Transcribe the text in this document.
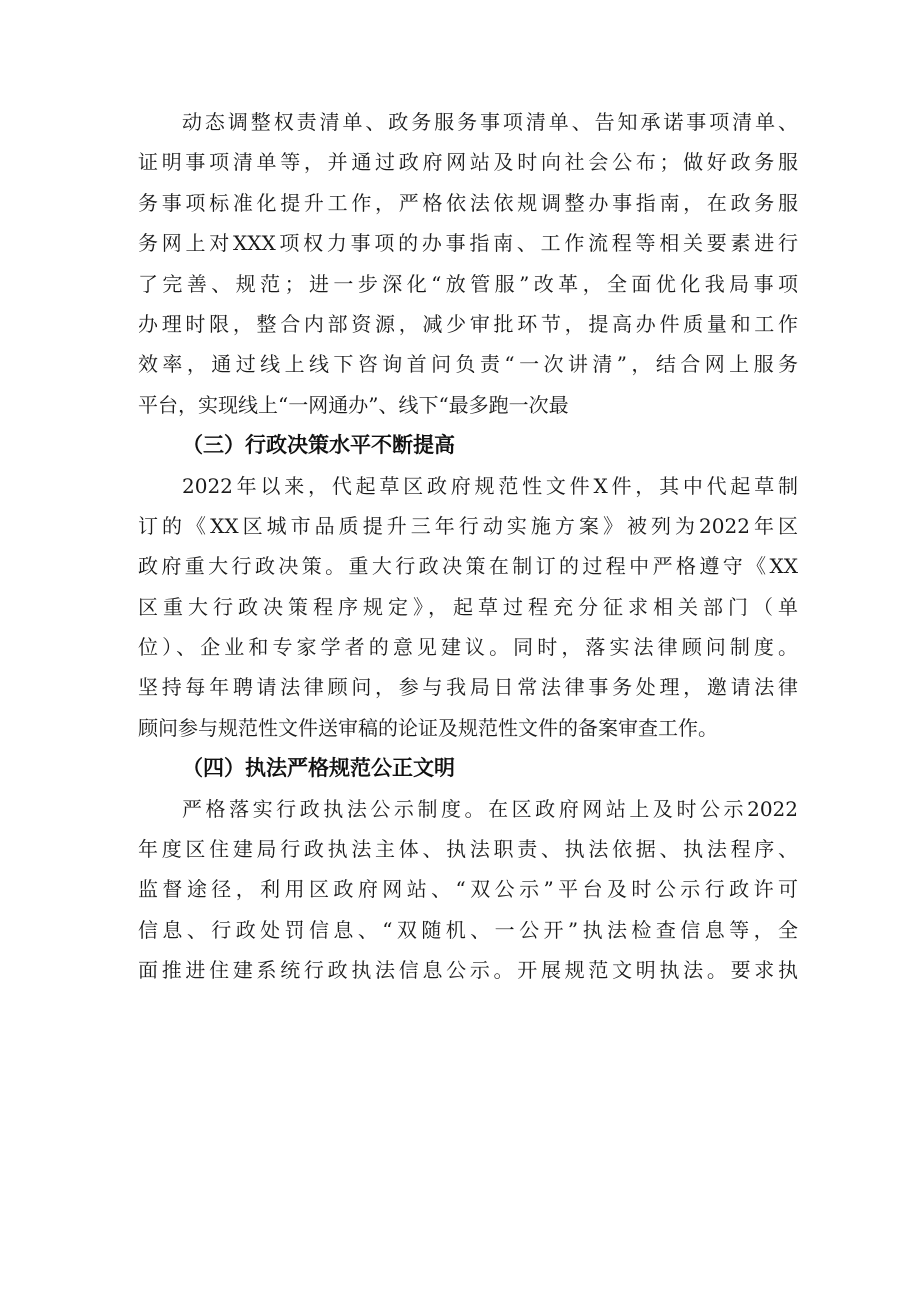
动态调整权责清单、政务服务事项清单、告知承诺事项清单、
证明事项清单等，并通过政府网站及时向社会公布；做好政务服
务事项标准化提升工作，严格依法依规调整办事指南，在政务服
务网上对XXX项权力事项的办事指南、工作流程等相关要素进行
了完善、规范；进一步深化“放管服”改革，全面优化我局事项
办理时限，整合内部资源，减少审批环节，提高办件质量和工作
效率，通过线上线下咨询首问负责“一次讲清”，结合网上服务
平台，实现线上“一网通办”、线下“最多跑一次最
（三）行政决策水平不断提高
2022年以来，代起草区政府规范性文件X件，其中代起草制
订的《XX区城市品质提升三年行动实施方案》被列为2022年区
政府重大行政决策。重大行政决策在制订的过程中严格遵守《XX
区重大行政决策程序规定》，起草过程充分征求相关部门（单
位）、企业和专家学者的意见建议。同时，落实法律顾问制度。
坚持每年聘请法律顾问，参与我局日常法律事务处理，邀请法律
顾问参与规范性文件送审稿的论证及规范性文件的备案审查工作。
（四）执法严格规范公正文明
严格落实行政执法公示制度。在区政府网站上及时公示2022
年度区住建局行政执法主体、执法职责、执法依据、执法程序、
监督途径，利用区政府网站、“双公示”平台及时公示行政许可
信息、行政处罚信息、“双随机、一公开”执法检查信息等，全
面推进住建系统行政执法信息公示。开展规范文明执法。要求执
